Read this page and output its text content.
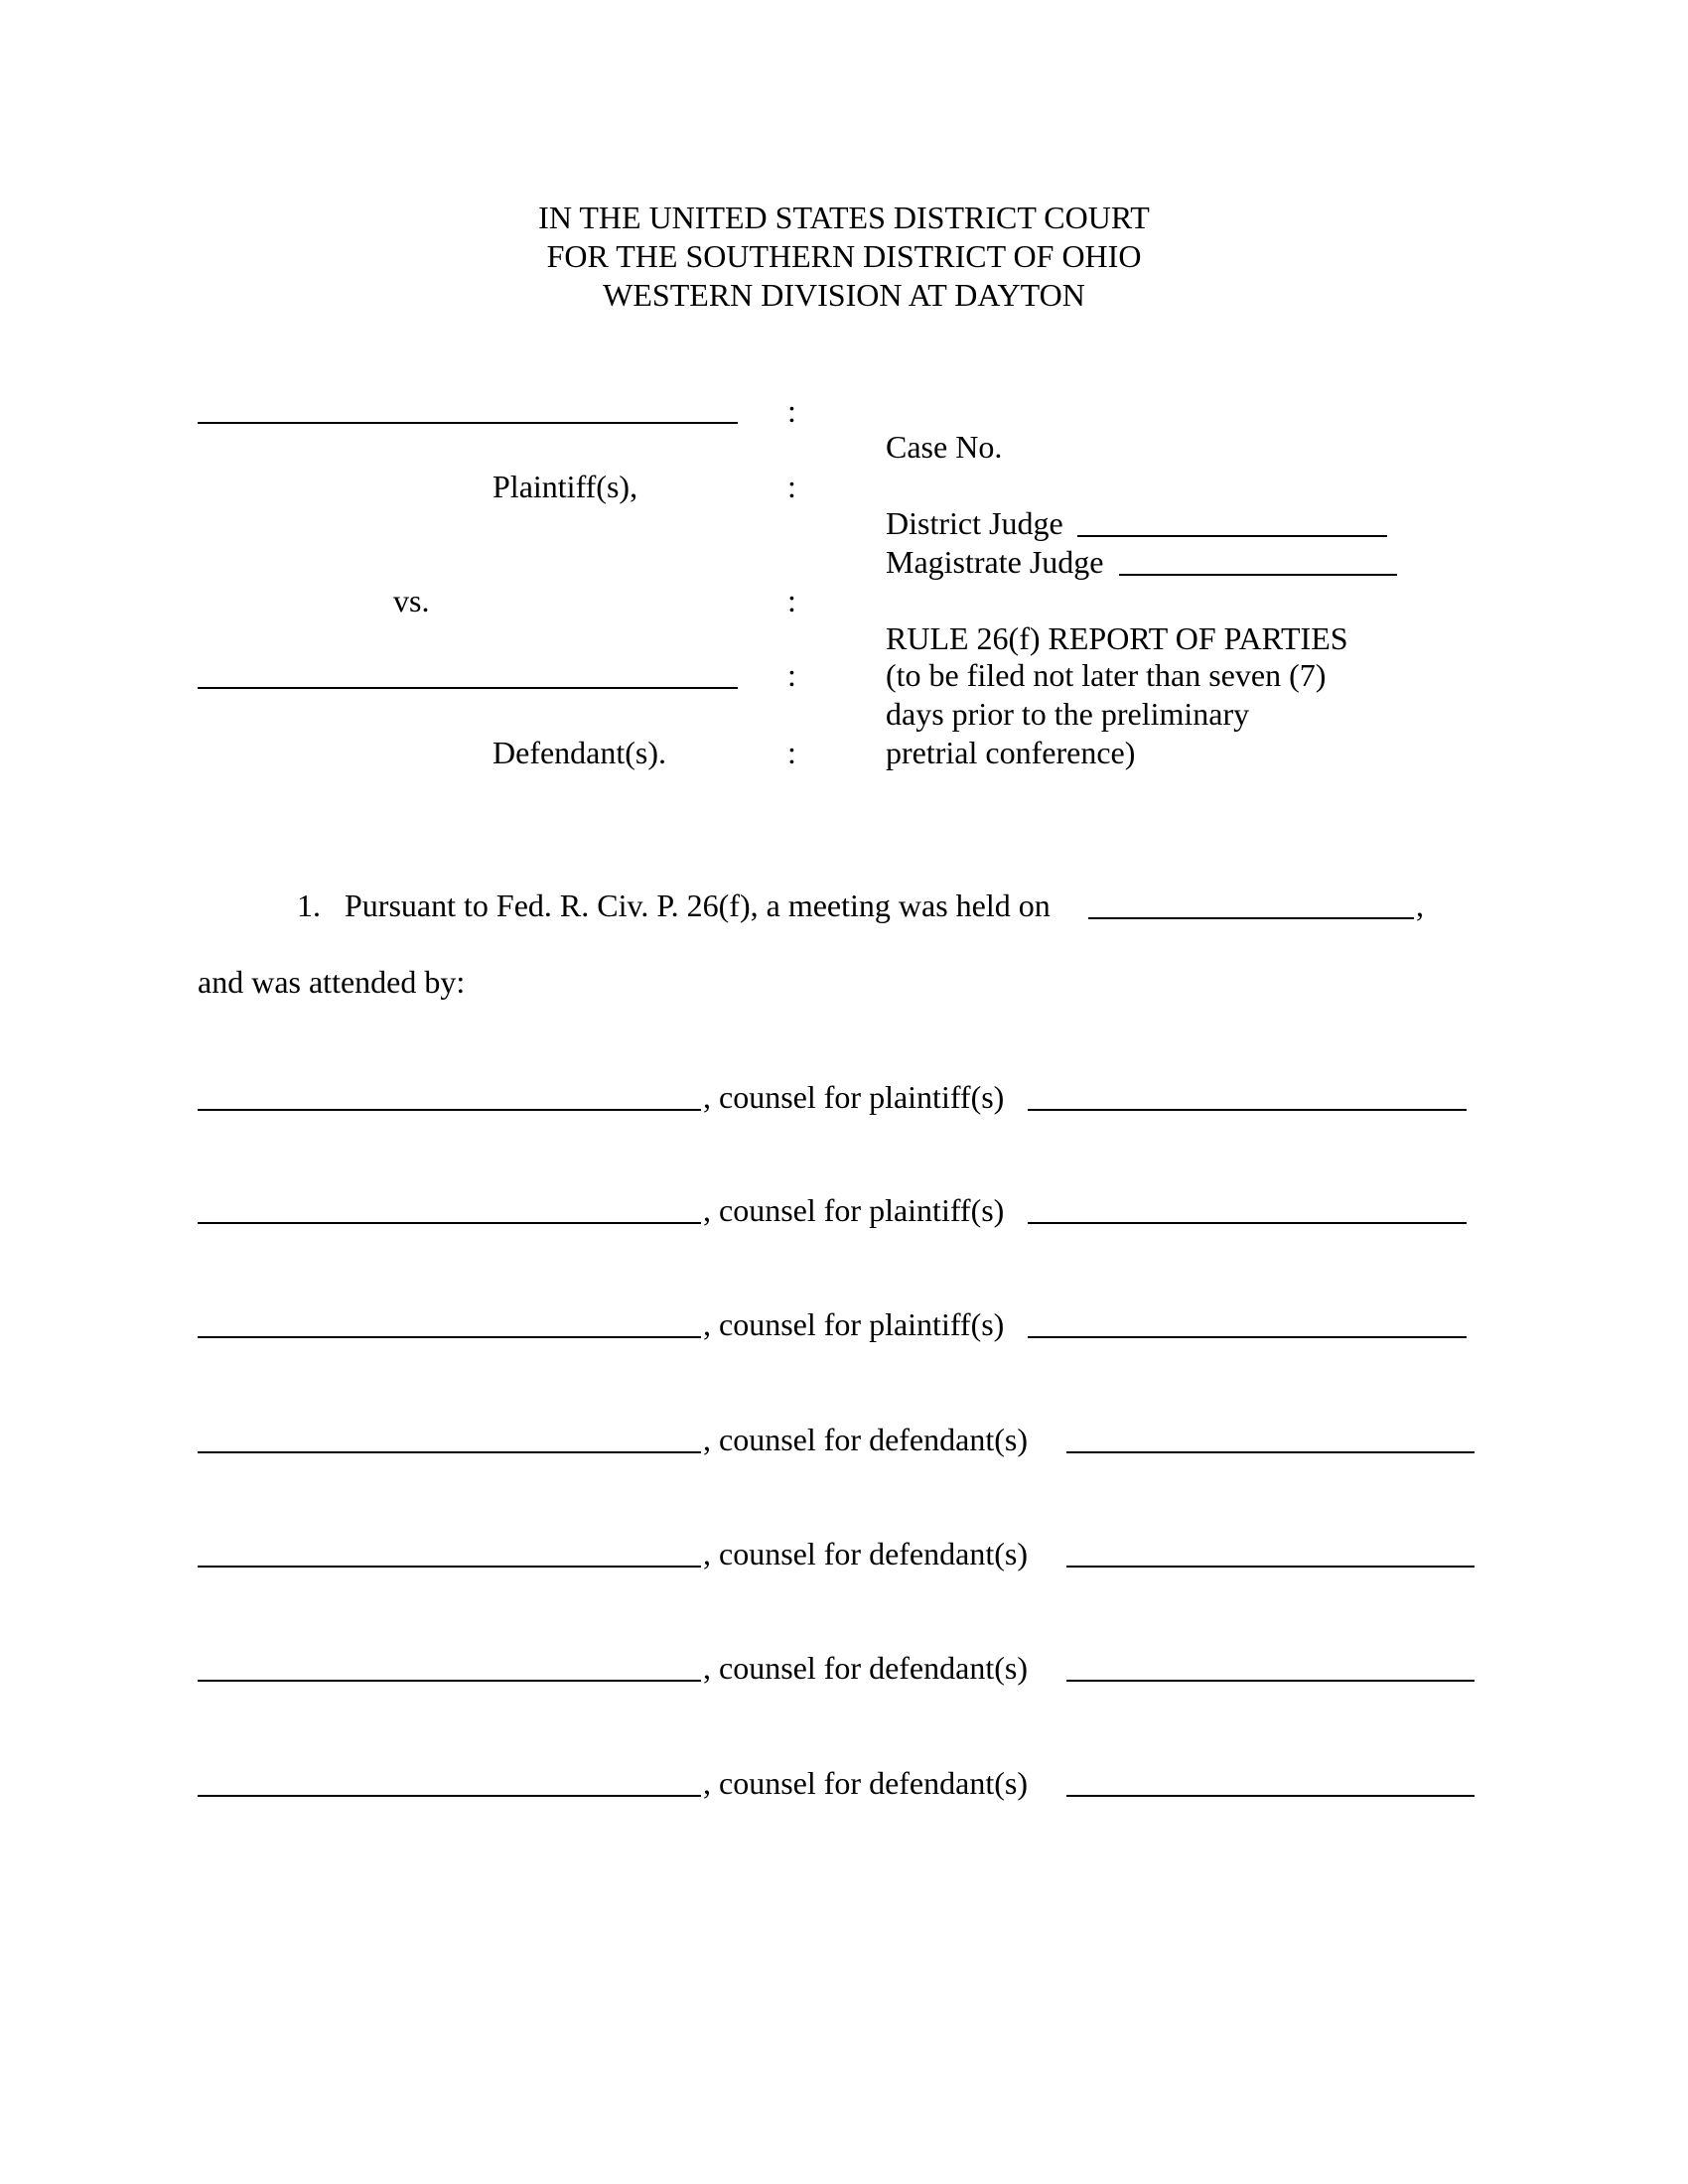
IN THE UNITED STATES DISTRICT COURT
FOR THE SOUTHERN DISTRICT OF OHIO
WESTERN DIVISION AT DAYTON
Plaintiff(s),
vs.
Defendant(s).
:
:
:
:
:
Case No.
District Judge
Magistrate Judge
RULE 26(f) REPORT OF PARTIES
(to be filed not later than seven (7)
days prior to the preliminary
pretrial conference)
1. Pursuant to Fed. R. Civ. P. 26(f), a meeting was held on	,
and was attended by:
, counsel for plaintiff(s)
, counsel for plaintiff(s)
, counsel for plaintiff(s)
, counsel for defendant(s)
, counsel for defendant(s)
, counsel for defendant(s)
, counsel for defendant(s)
